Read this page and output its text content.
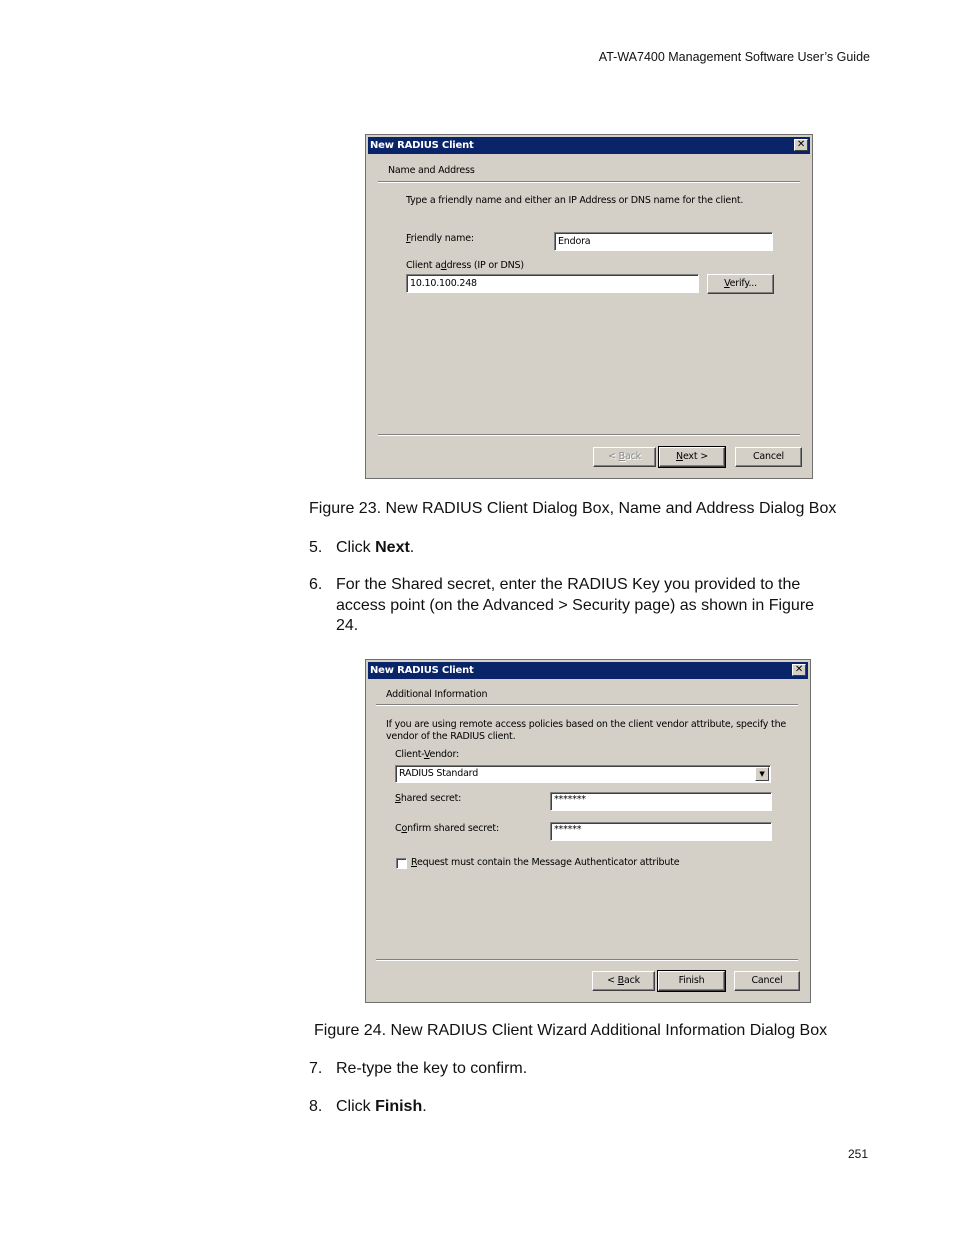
AT-WA7400 Management Software User’s Guide
New RADIUS Client	✕
Name and Address
Type a friendly name and either an IP Address or DNS name for the client.
Friendly name:	Endora
Client address (IP or DNS)
10.10.100.248	Verify...
< Back	Next >	Cancel
Figure 23. New RADIUS Client Dialog Box, Name and Address Dialog Box
5. Click Next.
6. For the Shared secret, enter the RADIUS Key you provided to the access point (on the Advanced > Security page) as shown in Figure 24.
New RADIUS Client	✕
Additional Information
If you are using remote access policies based on the client vendor attribute, specify the
vendor of the RADIUS client.
Client-Vendor:
RADIUS Standard	▼
Shared secret:	*******
Confirm shared secret:	******
Request must contain the Message Authenticator attribute
< Back	Finish	Cancel
Figure 24. New RADIUS Client Wizard Additional Information Dialog Box
7. Re-type the key to confirm.
8. Click Finish.
251
